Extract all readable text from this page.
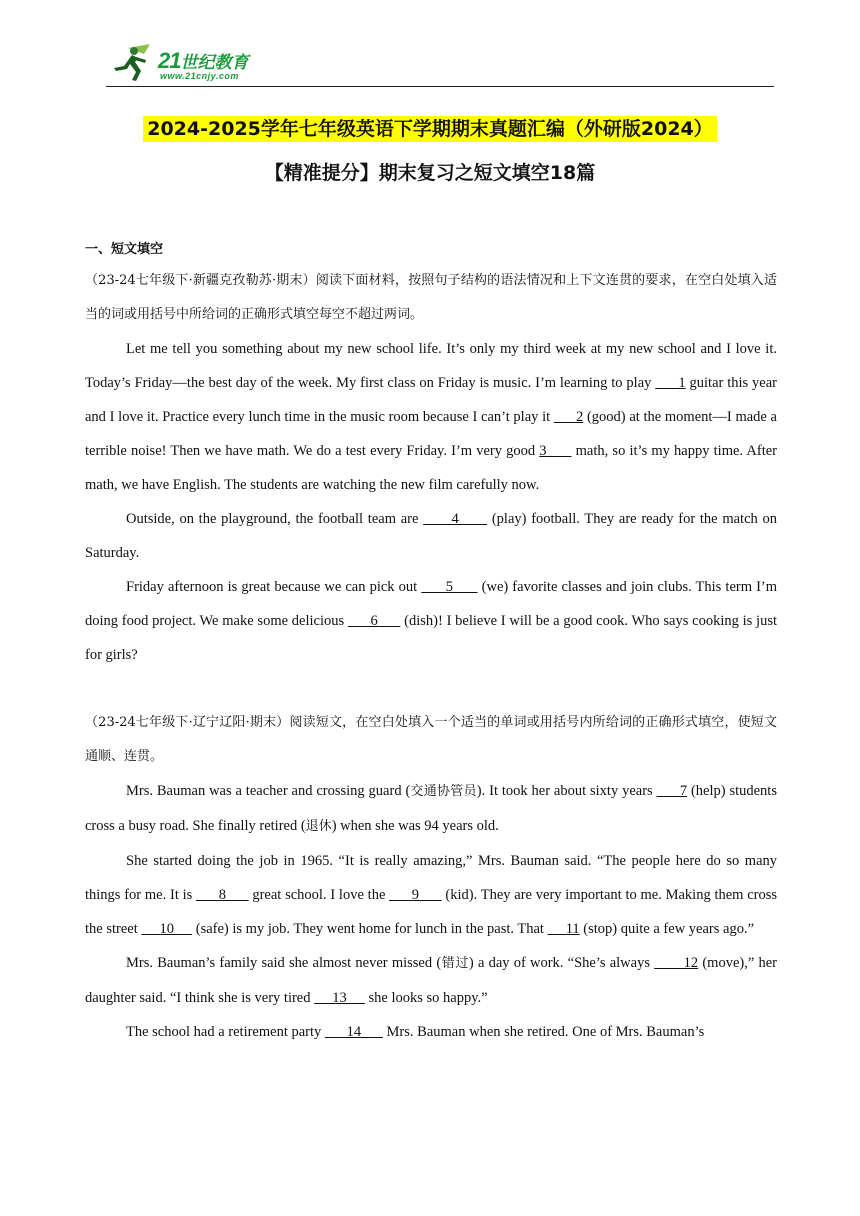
21世纪教育
www.21cnjy.com
2024-2025学年七年级英语下学期期末真题汇编（外研版2024）
【精准提分】期末复习之短文填空18篇
一、短文填空
（23-24七年级下·新疆克孜勒苏·期末）阅读下面材料，按照句子结构的语法情况和上下文连贯的要求，在空白处填入适当的词或用括号中所给词的正确形式填空每空不超过两词。

Let me tell you something about my new school life. It’s only my third week at my new school and I love it. Today’s Friday—the best day of the week. My first class on Friday is music. I’m learning to play       1 guitar this year and I love it. Practice every lunch time in the music room because I can’t play it       2 (good) at the moment—I made a terrible noise! Then we have math. We do a test every Friday. I’m very good 3       math, so it’s my happy time. After math, we have English. The students are watching the new film carefully now.

Outside, on the playground, the football team are       4       (play) football. They are ready for the match on Saturday.

Friday afternoon is great because we can pick out       5       (we) favorite classes and join clubs. This term I’m doing food project. We make some delicious       6       (dish)! I believe I will be a good cook. Who says cooking is just for girls?

（23-24七年级下·辽宁辽阳·期末）阅读短文，在空白处填入一个适当的单词或用括号内所给词的正确形式填空，使短文通顺、连贯。

Mrs. Bauman was a teacher and crossing guard (交通协管员). It took her about sixty years       7 (help) students cross a busy road. She finally retired (退休) when she was 94 years old.

She started doing the job in 1965. “It is really amazing,” Mrs. Bauman said. “The people here do so many things for me. It is       8       great school. I love the       9       (kid). They are very important to me. Making them cross the street      10      (safe) is my job. They went home for lunch in the past. That      11 (stop) quite a few years ago.”

Mrs. Bauman’s family said she almost never missed (错过) a day of work. “She’s always        12 (move),” her daughter said. “I think she is very tired      13      she looks so happy.”

The school had a retirement party       14       Mrs. Bauman when she retired. One of Mrs. Bauman’s
